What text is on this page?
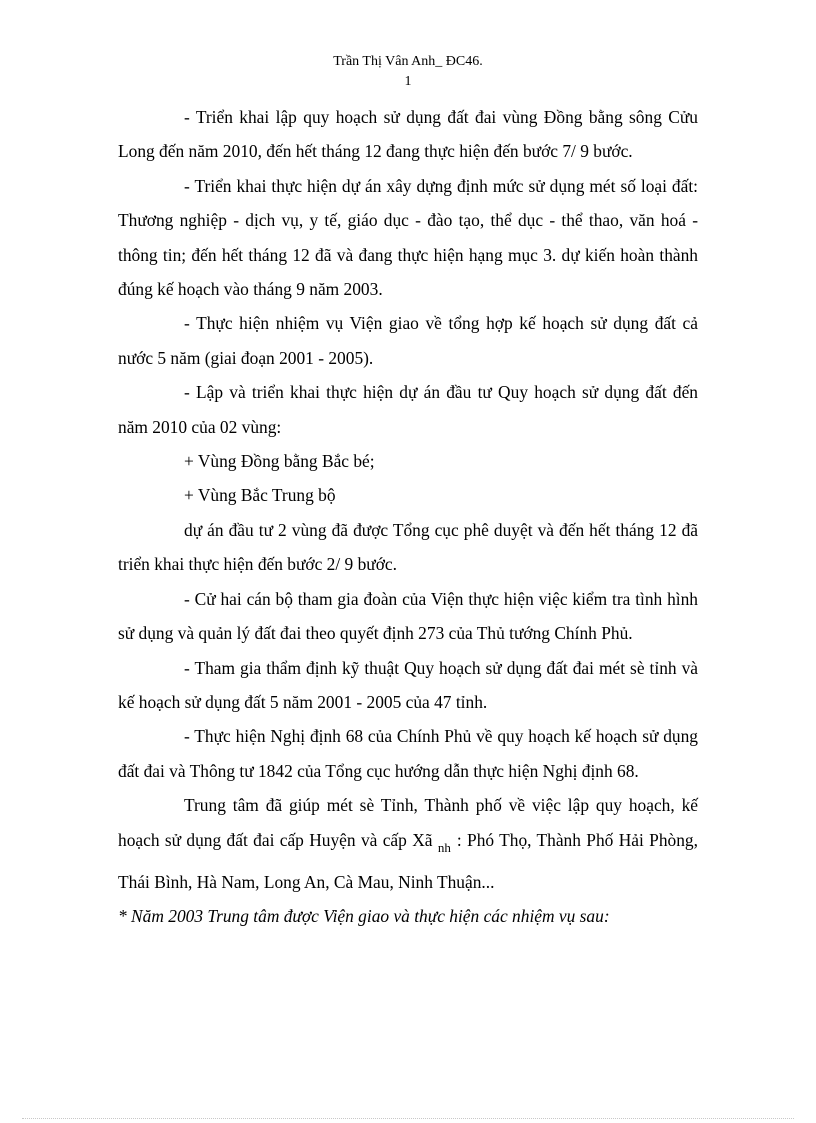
Trần Thị Vân Anh_ ĐC46.
1

- Triển khai lập quy hoạch sử dụng đất đai vùng Đồng bằng sông Cửu Long đến năm 2010, đến hết tháng 12 đang thực hiện đến bước 7/ 9 bước.

- Triển khai thực hiện dự án xây dựng định mức sử dụng mét số loại đất: Thương nghiệp - dịch vụ, y tế, giáo dục - đào tạo, thể dục - thể thao, văn hoá - thông tin; đến hết tháng 12 đã và đang thực hiện hạng mục 3. dự kiến hoàn thành đúng kế hoạch vào tháng 9 năm 2003.

- Thực hiện nhiệm vụ Viện giao về tổng hợp kế hoạch sử dụng đất cả nước 5 năm (giai đoạn 2001 - 2005).

- Lập và triển khai thực hiện dự án đầu tư Quy hoạch sử dụng đất đến năm 2010 của 02 vùng:

+ Vùng Đồng bằng Bắc bé;

+ Vùng Bắc Trung bộ

dự án đầu tư 2 vùng đã được Tổng cục phê duyệt và đến hết tháng 12 đã triển khai thực hiện đến bước 2/ 9 bước.

- Cử hai cán bộ tham gia đoàn của Viện thực hiện việc kiểm tra tình hình sử dụng và quản lý đất đai theo quyết định 273 của Thủ tướng Chính Phủ.

- Tham gia thẩm định kỹ thuật Quy hoạch sử dụng đất đai mét sè tỉnh và kế hoạch sử dụng đất 5 năm 2001 - 2005 của 47 tỉnh.

- Thực hiện Nghị định 68 của Chính Phủ về quy hoạch kế hoạch sử dụng đất đai và Thông tư 1842 của Tổng cục hướng dẫn thực hiện Nghị định 68.

Trung tâm đã giúp mét sè Tỉnh, Thành phố về việc lập quy hoạch, kế hoạch sử dụng đất đai cấp Huyện và cấp Xã $_{nh}$ : Phó Thọ, Thành Phố Hải Phòng, Thái Bình, Hà Nam, Long An, Cà Mau, Ninh Thuận...

* Năm 2003 Trung tâm được Viện giao và thực hiện các nhiệm vụ sau:
